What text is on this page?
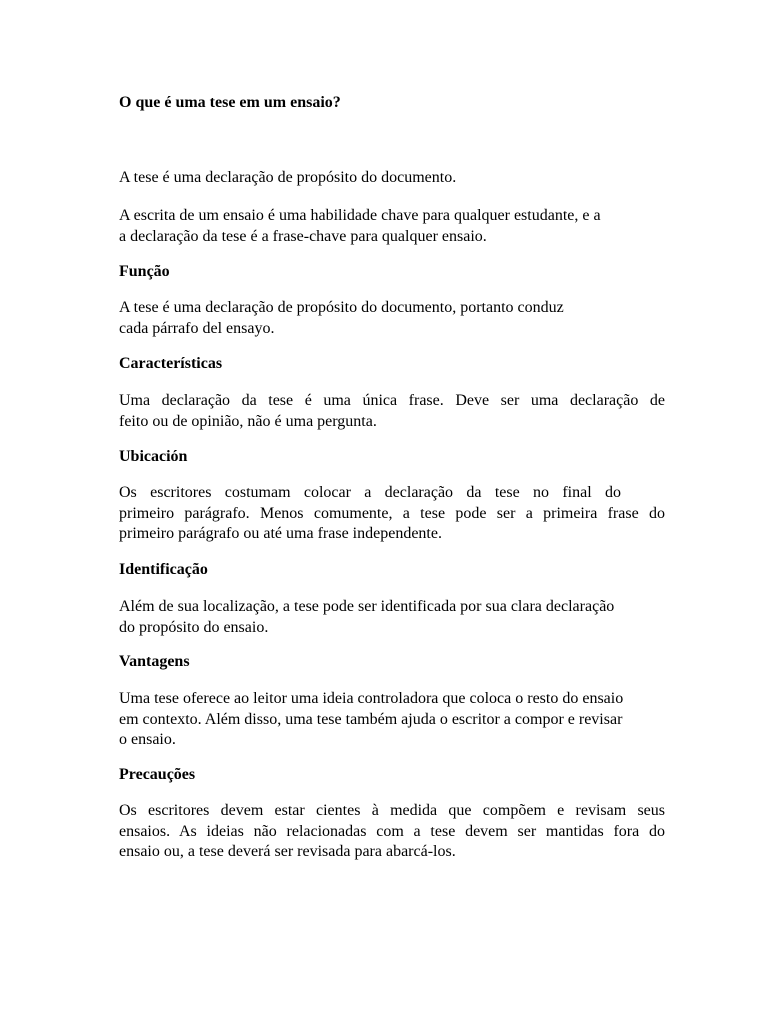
O que é uma tese em um ensaio?

A tese é uma declaração de propósito do documento.

A escrita de um ensaio é uma habilidade chave para qualquer estudante, e a
a declaração da tese é a frase-chave para qualquer ensaio.

Função

A tese é uma declaração de propósito do documento, portanto conduz
cada párrafo del ensayo.

Características

Uma declaração da tese é uma única frase. Deve ser uma declaração de
feito ou de opinião, não é uma pergunta.

Ubicación

Os escritores costumam colocar a declaração da tese no final do
primeiro parágrafo. Menos comumente, a tese pode ser a primeira frase do
primeiro parágrafo ou até uma frase independente.

Identificação

Além de sua localização, a tese pode ser identificada por sua clara declaração
do propósito do ensaio.

Vantagens

Uma tese oferece ao leitor uma ideia controladora que coloca o resto do ensaio
em contexto. Além disso, uma tese também ajuda o escritor a compor e revisar
o ensaio.

Precauções

Os escritores devem estar cientes à medida que compõem e revisam seus
ensaios. As ideias não relacionadas com a tese devem ser mantidas fora do
ensaio ou, a tese deverá ser revisada para abarcá-los.
